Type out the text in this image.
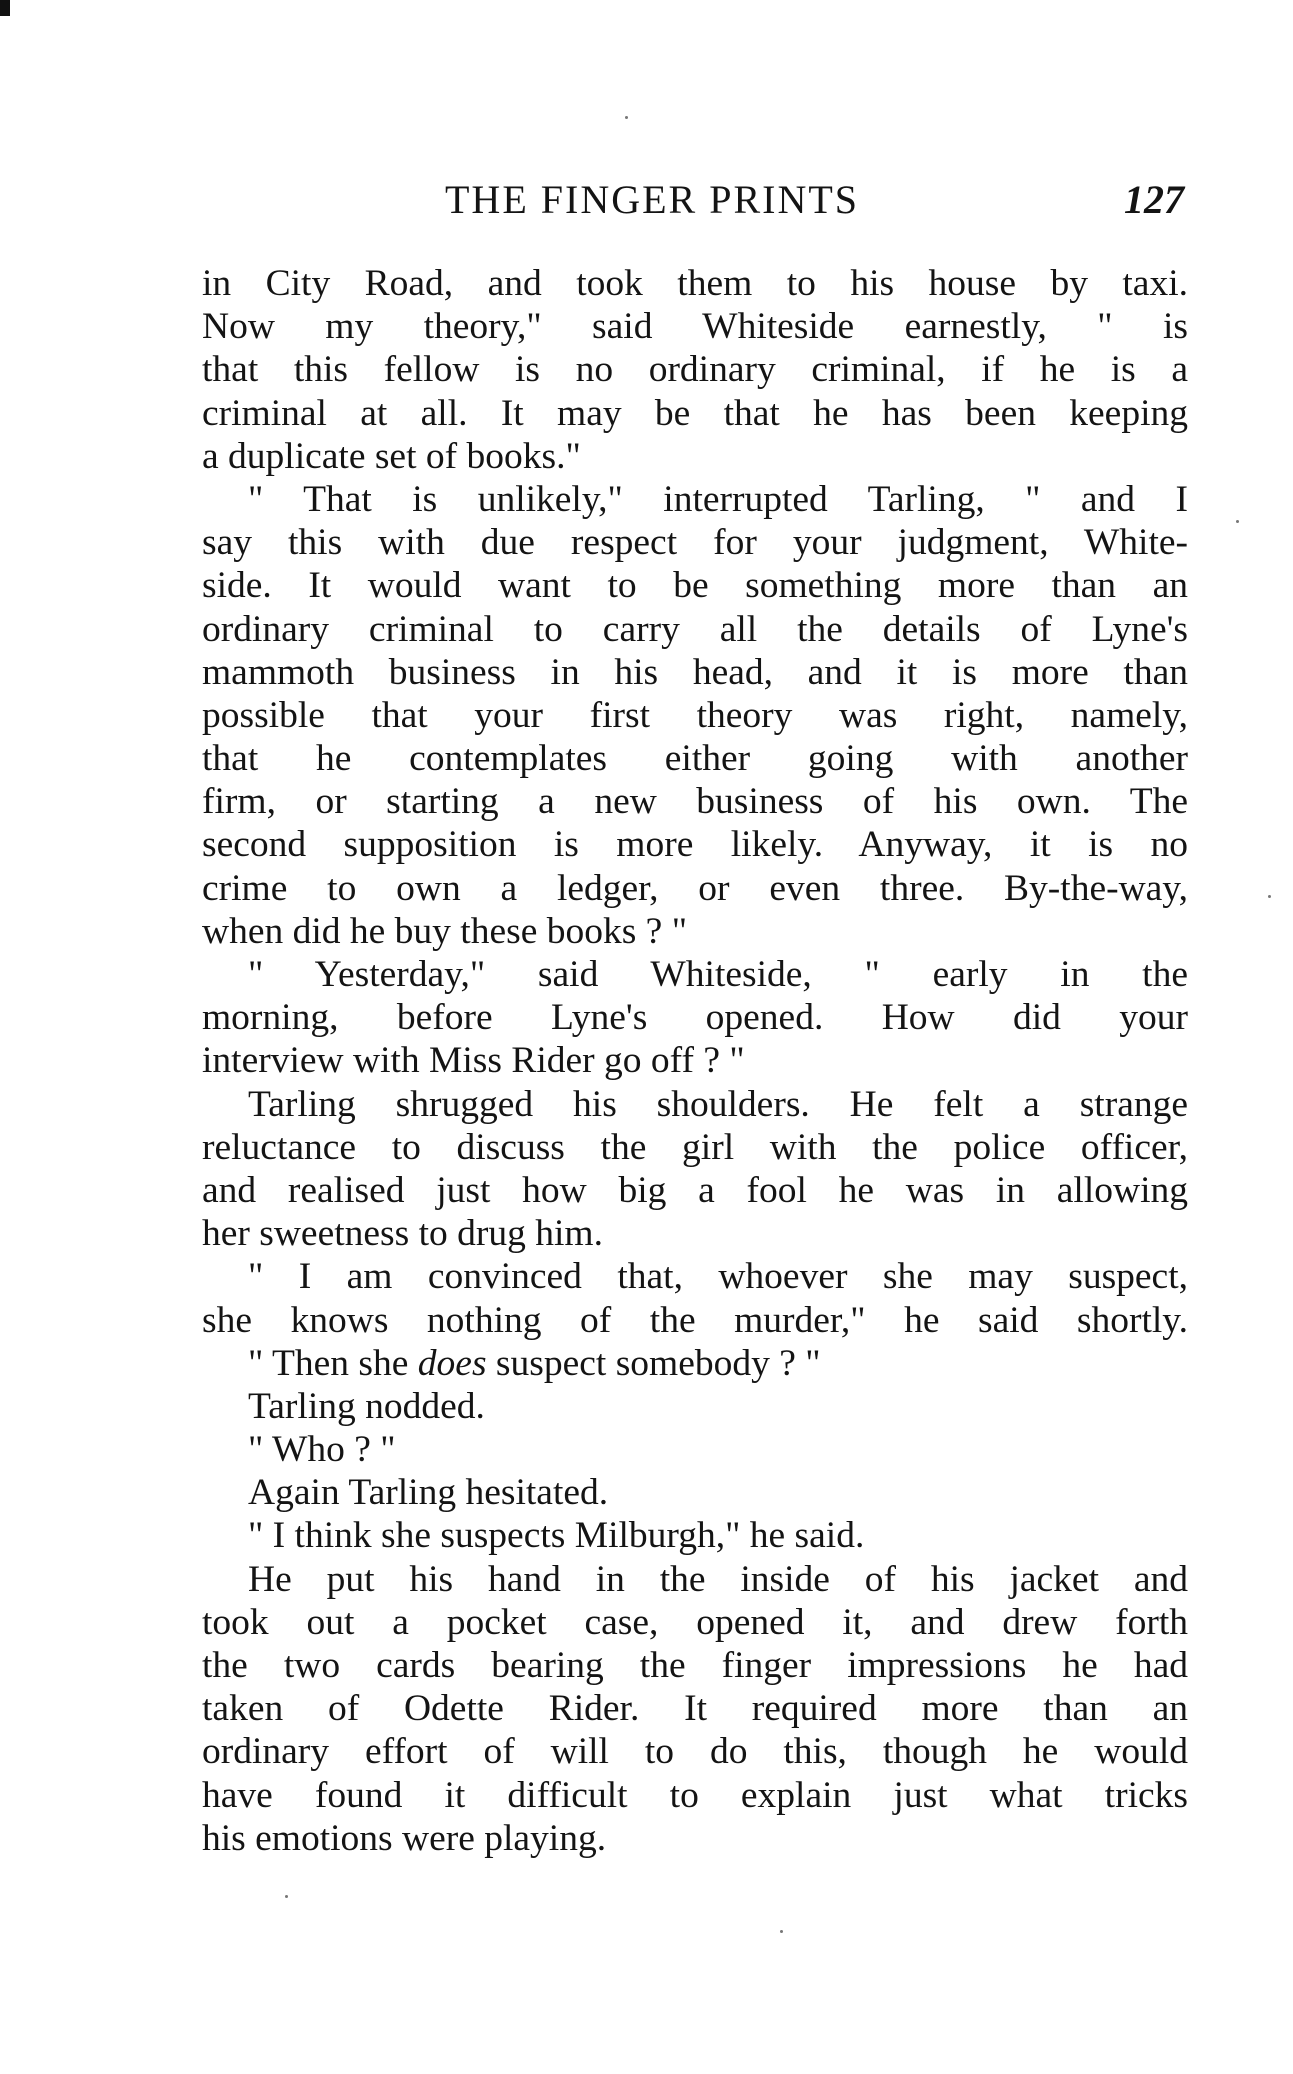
THE FINGER PRINTS	127
in City Road, and took them to his house by taxi.
Now my theory," said Whiteside earnestly, " is
that this fellow is no ordinary criminal, if he is a
criminal at all. It may be that he has been keeping
a duplicate set of books."
" That is unlikely," interrupted Tarling, " and I
say this with due respect for your judgment, White-
side. It would want to be something more than an
ordinary criminal to carry all the details of Lyne's
mammoth business in his head, and it is more than
possible that your first theory was right, namely,
that he contemplates either going with another
firm, or starting a new business of his own. The
second supposition is more likely. Anyway, it is no
crime to own a ledger, or even three. By-the-way,
when did he buy these books ? "
" Yesterday," said Whiteside, " early in the
morning, before Lyne's opened. How did your
interview with Miss Rider go off ? "
Tarling shrugged his shoulders. He felt a strange
reluctance to discuss the girl with the police officer,
and realised just how big a fool he was in allowing
her sweetness to drug him.
" I am convinced that, whoever she may suspect,
she knows nothing of the murder," he said shortly.
" Then she does suspect somebody ? "
Tarling nodded.
" Who ? "
Again Tarling hesitated.
" I think she suspects Milburgh," he said.
He put his hand in the inside of his jacket and
took out a pocket case, opened it, and drew forth
the two cards bearing the finger impressions he had
taken of Odette Rider. It required more than an
ordinary effort of will to do this, though he would
have found it difficult to explain just what tricks
his emotions were playing.
